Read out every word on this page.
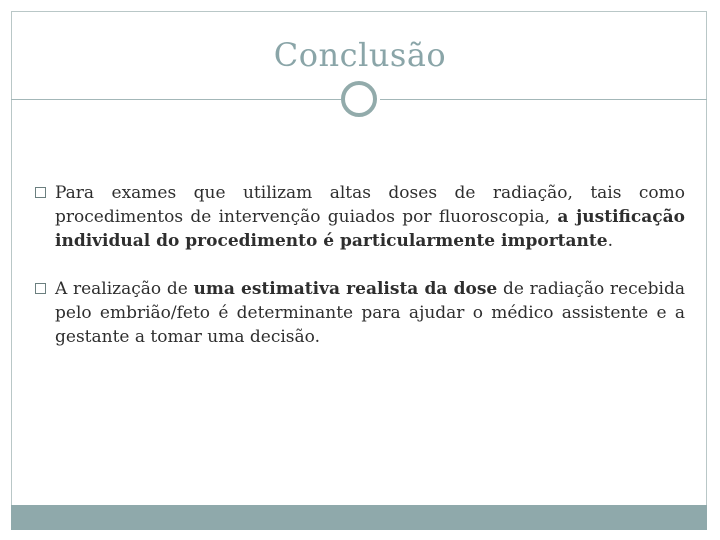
Conclusão
Para exames que utilizam altas doses de radiação, tais como procedimentos de intervenção guiados por fluoroscopia, a justificação individual do procedimento é particularmente importante.
A realização de uma estimativa realista da dose de radiação recebida pelo embrião/feto é determinante para ajudar o médico assistente e a gestante a tomar uma decisão.
